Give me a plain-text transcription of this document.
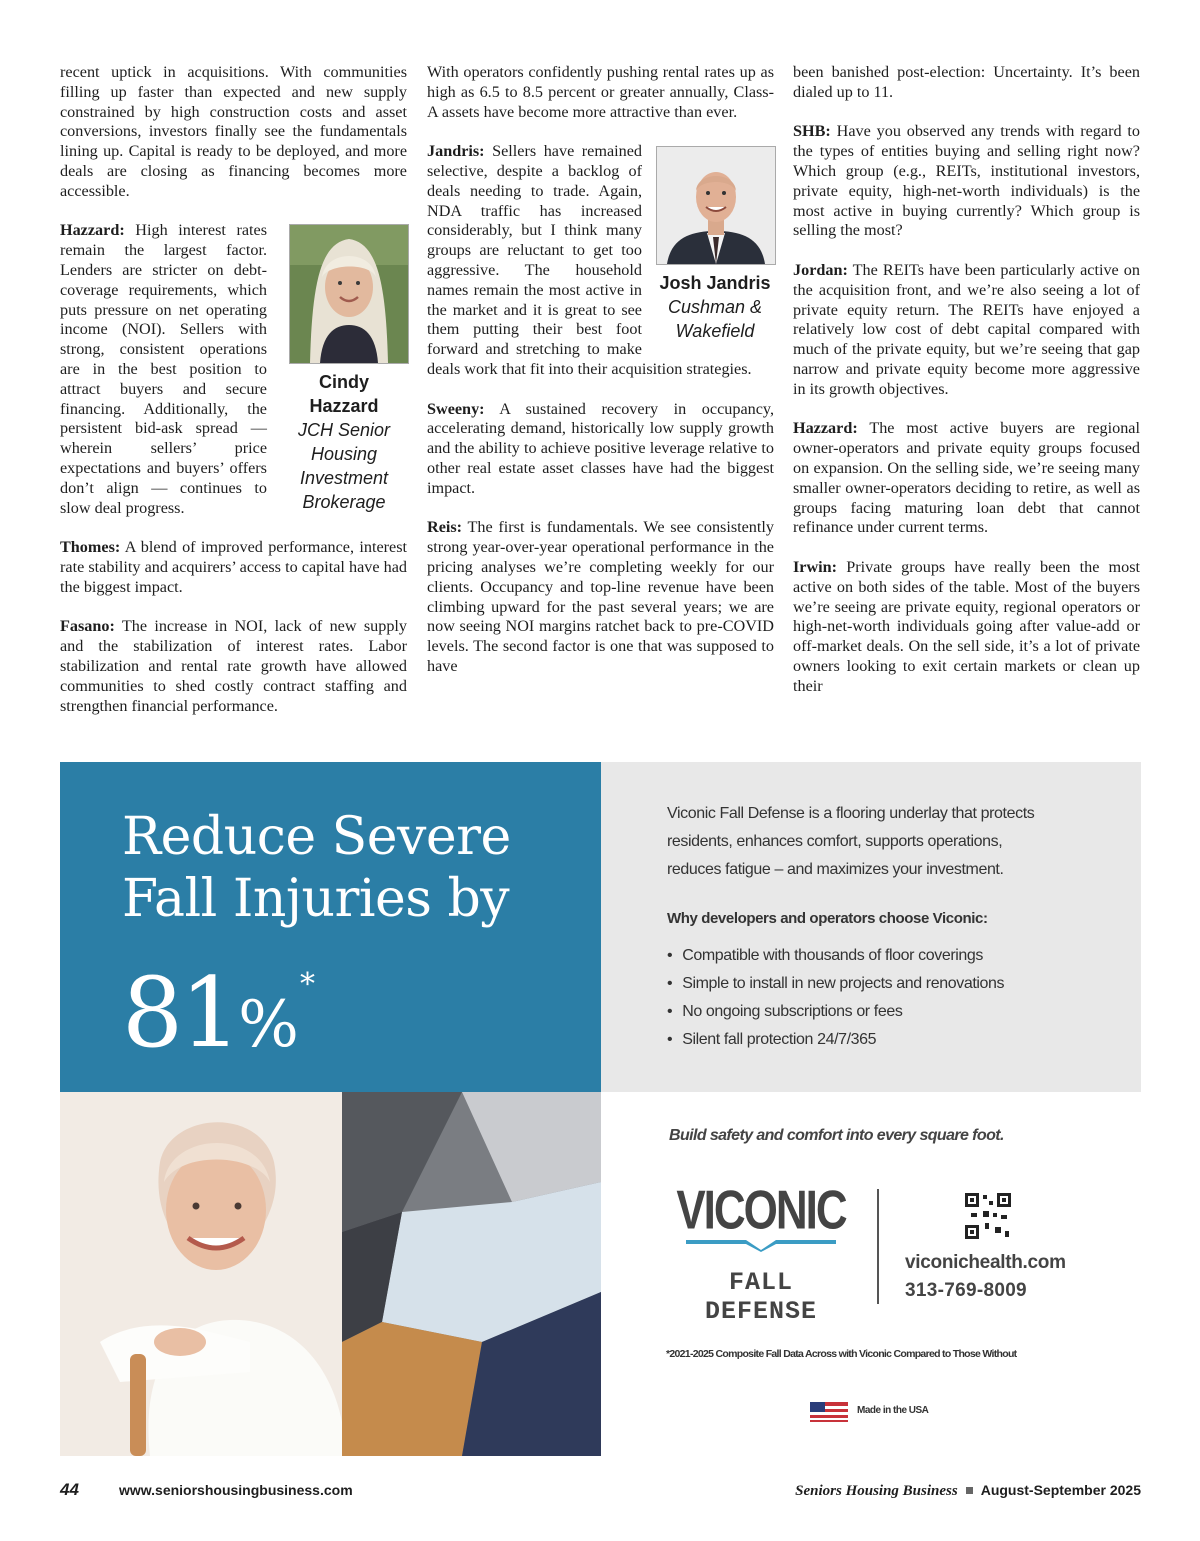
recent uptick in acquisitions. With communities filling up faster than expected and new supply constrained by high construction costs and asset conversions, investors finally see the fundamentals lining up. Capital is ready to be deployed, and more deals are closing as financing becomes more accessible.

Cindy
Hazzard
JCH Senior
Housing
Investment
Brokerage

Hazzard: High interest rates remain the largest factor. Lenders are stricter on debt-coverage requirements, which puts pressure on net operating income (NOI). Sellers with strong, consistent operations are in the best position to attract buyers and secure financing. Additionally, the persistent bid-ask spread — wherein sellers’ price expectations and buyers’ offers don’t align — continues to slow deal progress.

Thomes: A blend of improved performance, interest rate stability and acquirers’ access to capital have had the biggest impact.

Fasano: The increase in NOI, lack of new supply and the stabilization of interest rates. Labor stabilization and rental rate growth have allowed communities to shed costly contract staffing and strengthen financial performance.

With operators confidently pushing rental rates up as high as 6.5 to 8.5 percent or greater annually, Class-A assets have become more attractive than ever.

Josh Jandris
Cushman &
Wakefield

Jandris: Sellers have remained selective, despite a backlog of deals needing to trade. Again, NDA traffic has increased considerably, but I think many groups are reluctant to get too aggressive. The household names remain the most active in the market and it is great to see them putting their best foot forward and stretching to make deals work that fit into their acquisition strategies.

Sweeny: A sustained recovery in occupancy, accelerating demand, historically low supply growth and the ability to achieve positive leverage relative to other real estate asset classes have had the biggest impact.

Reis: The first is fundamentals. We see consistently strong year-over-year operational performance in the pricing analyses we’re completing weekly for our clients. Occupancy and top-line revenue have been climbing upward for the past several years; we are now seeing NOI margins ratchet back to pre-COVID levels. The second factor is one that was supposed to have

been banished post-election: Uncertainty. It’s been dialed up to 11.

SHB: Have you observed any trends with regard to the types of entities buying and selling right now? Which group (e.g., REITs, institutional investors, private equity, high-net-worth individuals) is the most active in buying currently? Which group is selling the most?

Jordan: The REITs have been particularly active on the acquisition front, and we’re also seeing a lot of private equity return. The REITs have enjoyed a relatively low cost of debt capital compared with much of the private equity, but we’re seeing that gap narrow and private equity become more aggressive in its growth objectives.

Hazzard: The most active buyers are regional owner-operators and private equity groups focused on expansion. On the selling side, we’re seeing many smaller owner-operators deciding to retire, as well as groups facing maturing loan debt that cannot refinance under current terms.

Irwin: Private groups have really been the most active on both sides of the table. Most of the buyers we’re seeing are private equity, regional operators or high-net-worth individuals going after value-add or off-market deals. On the sell side, it’s a lot of private owners looking to exit certain markets or clean up their

Reduce Severe
Fall Injuries by
81%*
Viconic Fall Defense is a flooring underlay that protects
residents, enhances comfort, supports operations,
reduces fatigue – and maximizes your investment.
Why developers and operators choose Viconic:
• Compatible with thousands of floor coverings
• Simple to install in new projects and renovations
• No ongoing subscriptions or fees
• Silent fall protection 24/7/365
Build safety and comfort into every square foot.
VICONIC
FALL DEFENSE
viconichealth.com
313-769-8009
*2021-2025 Composite Fall Data Across with Viconic Compared to Those Without
Made in the USA
44	www.seniorshousingbusiness.com	Seniors Housing Business August-September 2025
